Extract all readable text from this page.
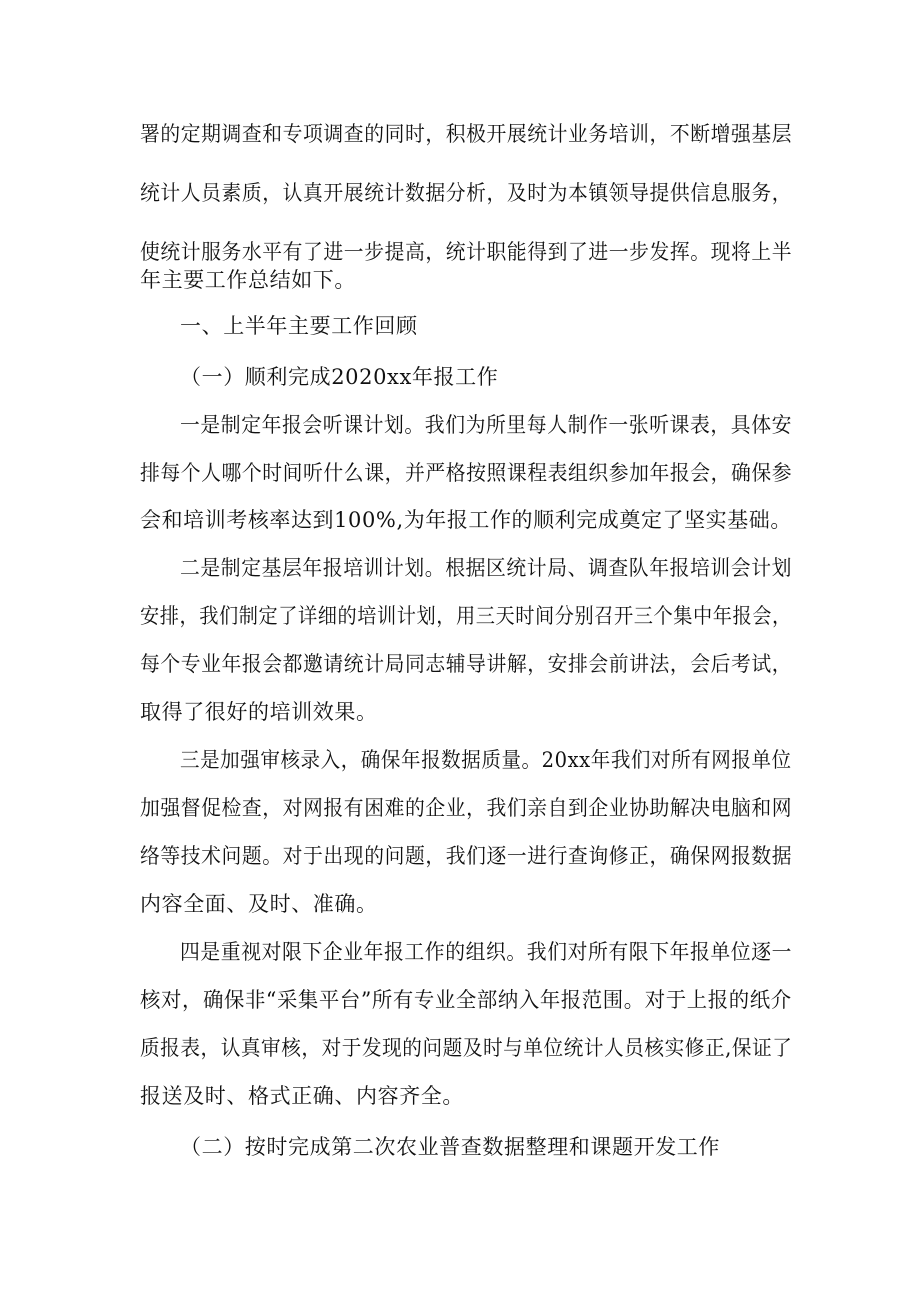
署的定期调查和专项调查的同时，积极开展统计业务培训，不断增强基层
统计人员素质，认真开展统计数据分析，及时为本镇领导提供信息服务，
使统计服务水平有了进一步提高，统计职能得到了进一步发挥。现将上半
年主要工作总结如下。
一、上半年主要工作回顾
（一）顺利完成2020xx年报工作
一是制定年报会听课计划。我们为所里每人制作一张听课表，具体安
排每个人哪个时间听什么课，并严格按照课程表组织参加年报会，确保参
会和培训考核率达到100%,为年报工作的顺利完成奠定了坚实基础。
二是制定基层年报培训计划。根据区统计局、调查队年报培训会计划
安排，我们制定了详细的培训计划，用三天时间分别召开三个集中年报会，
每个专业年报会都邀请统计局同志辅导讲解，安排会前讲法，会后考试，
取得了很好的培训效果。
三是加强审核录入，确保年报数据质量。20xx年我们对所有网报单位
加强督促检查，对网报有困难的企业，我们亲自到企业协助解决电脑和网
络等技术问题。对于出现的问题，我们逐一进行查询修正，确保网报数据
内容全面、及时、准确。
四是重视对限下企业年报工作的组织。我们对所有限下年报单位逐一
核对，确保非“采集平台”所有专业全部纳入年报范围。对于上报的纸介
质报表，认真审核，对于发现的问题及时与单位统计人员核实修正,保证了
报送及时、格式正确、内容齐全。
（二）按时完成第二次农业普查数据整理和课题开发工作
